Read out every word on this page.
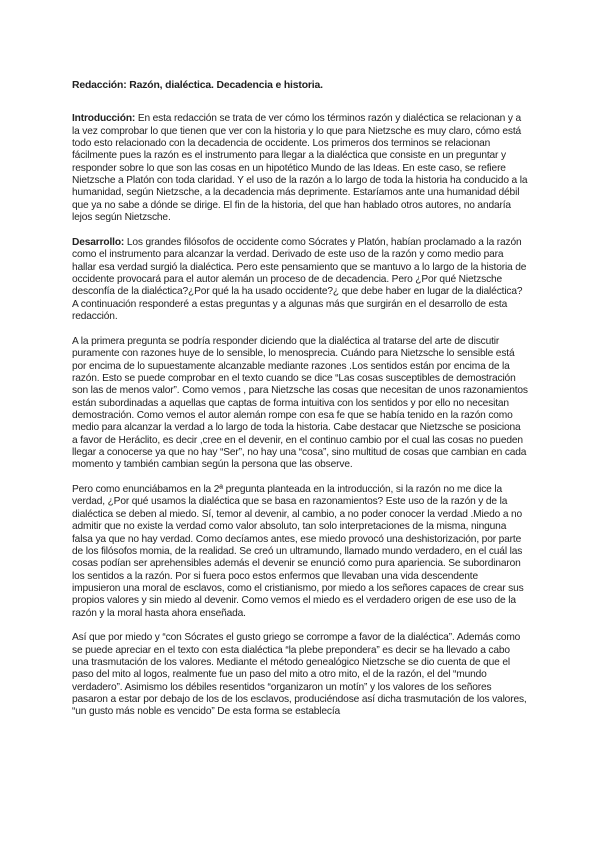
Redacción: Razón, dialéctica. Decadencia e historia.

Introducción: En esta redacción se trata de ver cómo los términos razón y dialéctica se relacionan y a la vez comprobar lo que tienen que ver con la historia y lo que para Nietzsche es muy claro, cómo está todo esto relacionado con la decadencia de occidente. Los primeros dos terminos se relacionan fácilmente pues la razón es el instrumento para llegar a la dialéctica que consiste en un preguntar y responder sobre lo que son las cosas en un hipotético Mundo de las Ideas. En este caso, se refiere Nietzsche a Platón con toda claridad. Y el uso de la razón a lo largo de toda la historia ha conducido a la humanidad, según Nietzsche, a la decadencia más deprimente. Estaríamos ante una humanidad débil que ya no sabe a dónde se dirige. El fin de la historia, del que han hablado otros autores, no andaría lejos según Nietzsche.

Desarrollo: Los grandes filósofos de occidente como Sócrates y Platón, habían proclamado a la razón como el instrumento para alcanzar la verdad. Derivado de este uso de la razón y como medio para hallar esa verdad surgió la dialéctica. Pero este pensamiento que se mantuvo a lo largo de la historia de occidente provocará para el autor alemán un proceso de de decadencia. Pero ¿Por qué Nietzsche desconfía de la dialéctica?¿Por qué la ha usado occidente?¿ que debe haber en lugar de la dialéctica? A continuación responderé a estas preguntas y a algunas más que surgirán en el desarrollo de esta redacción.

A la primera pregunta se podría responder diciendo que la dialéctica al tratarse del arte de discutir puramente con razones huye de lo sensible, lo menosprecia. Cuándo para Nietzsche lo sensible está por encima de lo supuestamente alcanzable mediante razones .Los sentidos están por encima de la razón. Esto se puede comprobar en el texto cuando se dice “Las cosas susceptibles de demostración son las de menos valor”. Como vemos , para Nietzsche las cosas que necesitan de unos razonamientos están subordinadas a aquellas que captas de forma intuitiva con los sentidos y por ello no necesitan demostración. Como vemos el autor alemán rompe con esa fe que se había tenido en la razón como medio para alcanzar la verdad a lo largo de toda la historia. Cabe destacar que Nietzsche se posiciona a favor de Heráclito, es decir ,cree en el devenir, en el continuo cambio por el cual las cosas no pueden llegar a conocerse ya que no hay “Ser”, no hay una “cosa”, sino multitud de cosas que cambian en cada momento y también cambian según la persona que las observe.

Pero como enunciábamos en la 2ª pregunta planteada en la introducción, si la razón no me dice la verdad, ¿Por qué usamos la dialéctica que se basa en razonamientos? Este uso de la razón y de la dialéctica se deben al miedo. Sí, temor al devenir, al cambio, a no poder conocer la verdad .Miedo a no admitir que no existe la verdad como valor absoluto, tan solo interpretaciones de la misma, ninguna falsa ya que no hay verdad. Como decíamos antes, ese miedo provocó una deshistorización, por parte de los filósofos momia, de la realidad. Se creó un ultramundo, llamado mundo verdadero, en el cuál las cosas podían ser aprehensibles además el devenir se enunció como pura apariencia. Se subordinaron los sentidos a la razón. Por si fuera poco estos enfermos que llevaban una vida descendente impusieron una moral de esclavos, como el cristianismo, por miedo a los señores capaces de crear sus propios valores y sin miedo al devenir. Como vemos el miedo es el verdadero origen de ese uso de la razón y la moral hasta ahora enseñada.

Así que por miedo y “con Sócrates el gusto griego se corrompe a favor de la dialéctica”. Además como se puede apreciar en el texto con esta dialéctica “la plebe prepondera” es decir se ha llevado a cabo una trasmutación de los valores. Mediante el método genealógico Nietzsche se dio cuenta de que el paso del mito al logos, realmente fue un paso del mito a otro mito, el de la razón, el del “mundo verdadero”. Asimismo los débiles resentidos “organizaron un motín” y los valores de los señores pasaron a estar por debajo de los de los esclavos, produciéndose así dicha trasmutación de los valores, “un gusto más noble es vencido” De esta forma se establecía
